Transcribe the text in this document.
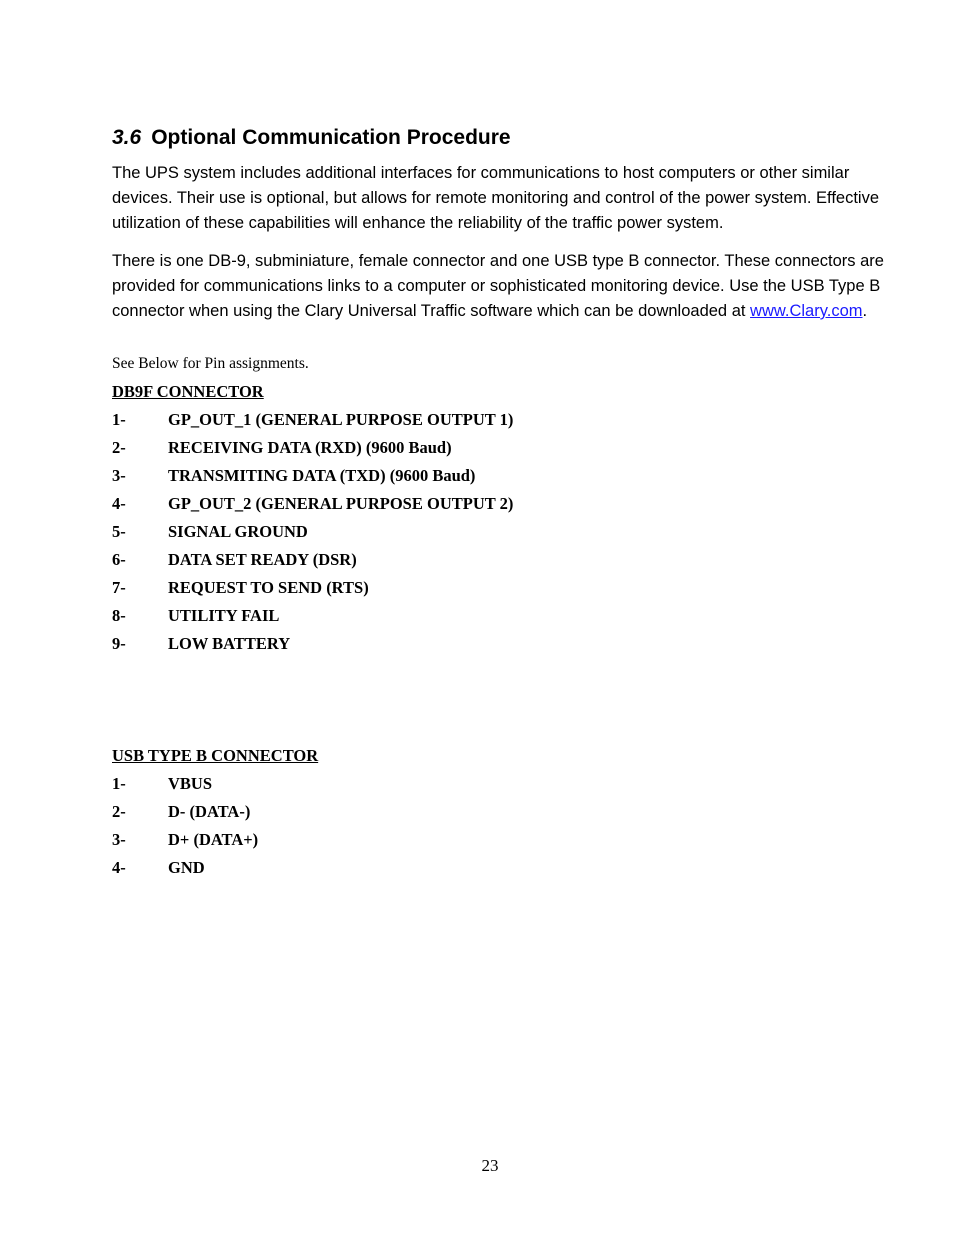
3.6 Optional Communication Procedure
The UPS system includes additional interfaces for communications to host computers or other similar devices. Their use is optional, but allows for remote monitoring and control of the power system. Effective utilization of these capabilities will enhance the reliability of the traffic power system.
There is one DB-9, subminiature, female connector and one USB type B connector. These connectors are provided for communications links to a computer or sophisticated monitoring device. Use the USB Type B connector when using the Clary Universal Traffic software which can be downloaded at www.Clary.com.
See Below for Pin assignments.
DB9F CONNECTOR
1-	GP_OUT_1 (GENERAL PURPOSE OUTPUT 1)
2-	RECEIVING DATA (RXD) (9600 Baud)
3-	TRANSMITING DATA (TXD) (9600 Baud)
4-	GP_OUT_2 (GENERAL PURPOSE OUTPUT 2)
5-	SIGNAL GROUND
6-	DATA SET READY (DSR)
7-	REQUEST TO SEND (RTS)
8-	UTILITY FAIL
9-	LOW BATTERY
USB TYPE B CONNECTOR
1-	VBUS
2-	D- (DATA-)
3-	D+ (DATA+)
4-	GND
23
